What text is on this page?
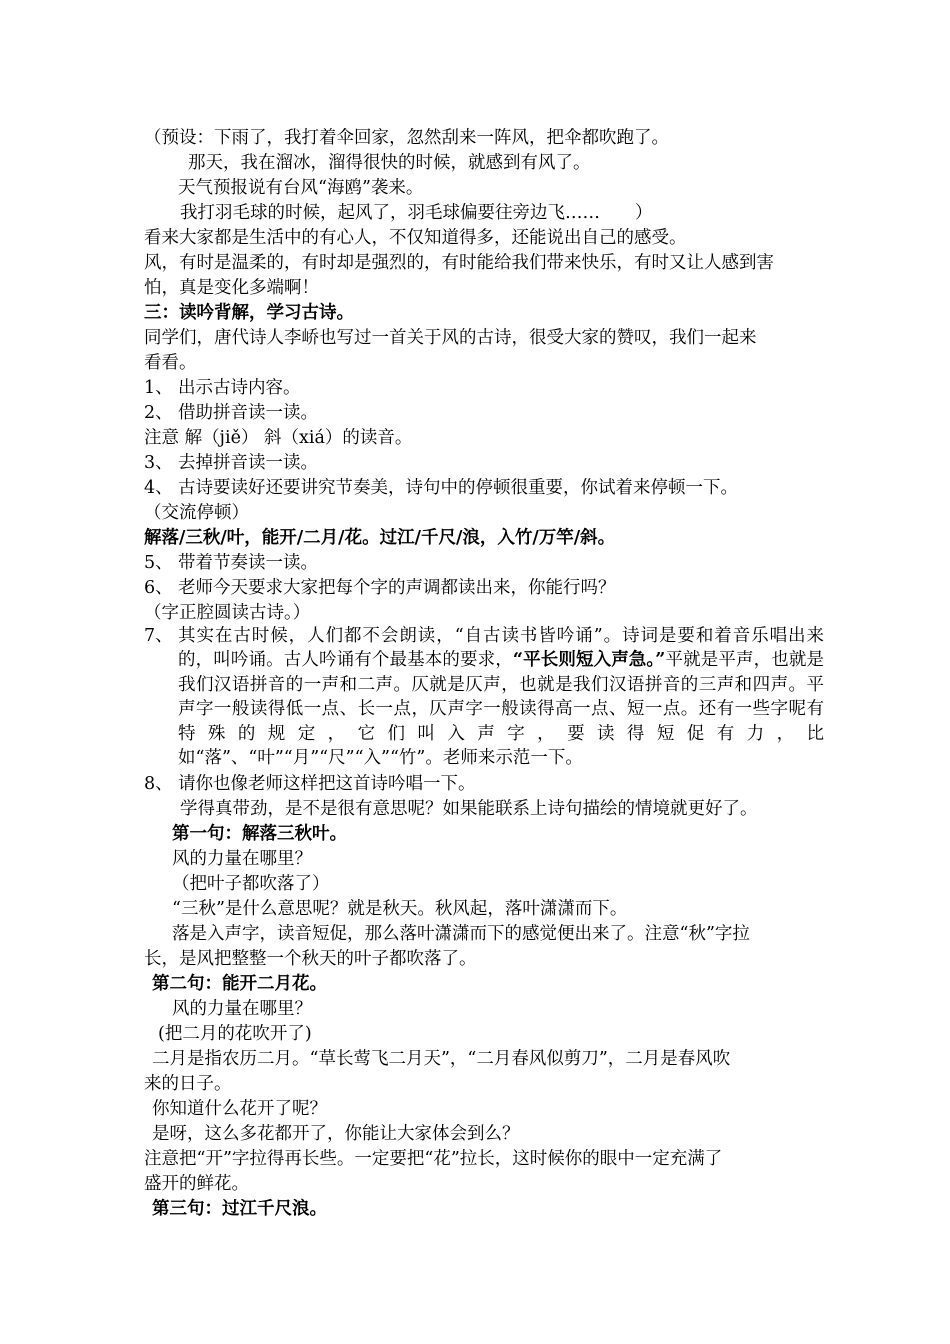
（预设：下雨了，我打着伞回家，忽然刮来一阵风，把伞都吹跑了。
那天，我在溜冰，溜得很快的时候，就感到有风了。
天气预报说有台风“海鸥”袭来。
我打羽毛球的时候，起风了，羽毛球偏要往旁边飞……　　）
看来大家都是生活中的有心人，不仅知道得多，还能说出自己的感受。
风，有时是温柔的，有时却是强烈的，有时能给我们带来快乐，有时又让人感到害
怕，真是变化多端啊！
三：读吟背解，学习古诗。
同学们，唐代诗人李峤也写过一首关于风的古诗，很受大家的赞叹，我们一起来
看看。
1、 出示古诗内容。
2、 借助拼音读一读。
注意 解（jiě） 斜（xiá）的读音。
3、 去掉拼音读一读。
4、 古诗要读好还要讲究节奏美，诗句中的停顿很重要，你试着来停顿一下。
（交流停顿）
解落/三秋/叶，能开/二月/花。过江/千尺/浪，入竹/万竿/斜。
5、 带着节奏读一读。
6、 老师今天要求大家把每个字的声调都读出来，你能行吗？
（字正腔圆读古诗。）
7、 其实在古时候，人们都不会朗读，“自古读书皆吟诵”。诗词是要和着音乐唱出来的，叫吟诵。古人吟诵有个最基本的要求，“平长则短入声急。”平就是平声，也就是我们汉语拼音的一声和二声。仄就是仄声，也就是我们汉语拼音的三声和四声。平声字一般读得低一点、长一点，仄声字一般读得高一点、短一点。还有一些字呢有特殊的规定，它们叫入声字，要读得短促有力，比如“落”、“叶”“月”“尺”“入”“竹”。老师来示范一下。
8、 请你也像老师这样把这首诗吟唱一下。
学得真带劲，是不是很有意思呢？如果能联系上诗句描绘的情境就更好了。
第一句：解落三秋叶。
风的力量在哪里？
（把叶子都吹落了）
“三秋”是什么意思呢？就是秋天。秋风起，落叶潇潇而下。
落是入声字，读音短促，那么落叶潇潇而下的感觉便出来了。注意“秋”字拉
长，是风把整整一个秋天的叶子都吹落了。
第二句：能开二月花。
风的力量在哪里？
(把二月的花吹开了)
二月是指农历二月。“草长莺飞二月天”，“二月春风似剪刀”，二月是春风吹
来的日子。
你知道什么花开了呢？
是呀，这么多花都开了，你能让大家体会到么？
注意把“开”字拉得再长些。一定要把“花”拉长，这时候你的眼中一定充满了
盛开的鲜花。
第三句：过江千尺浪。
